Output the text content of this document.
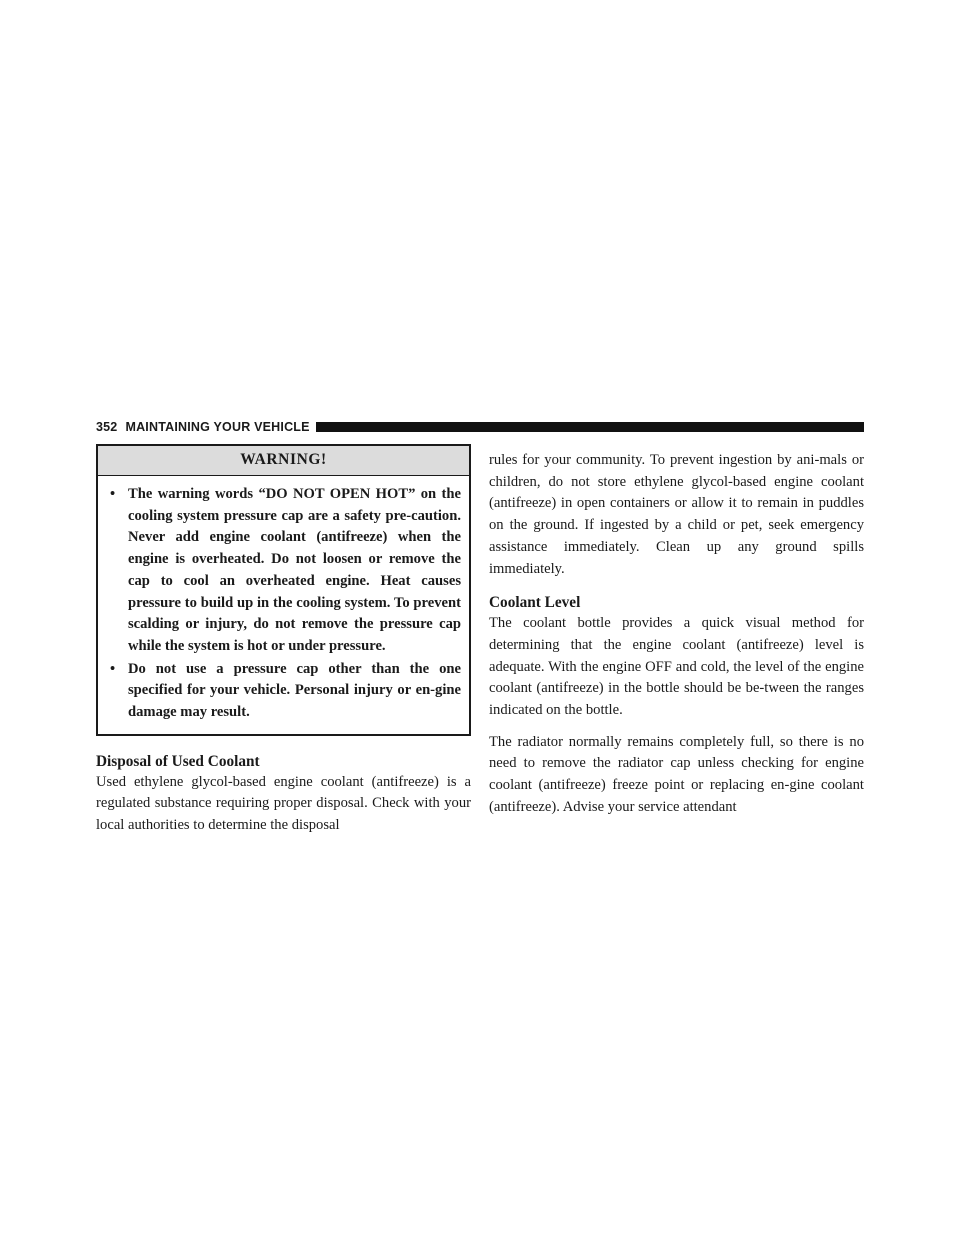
352 MAINTAINING YOUR VEHICLE
WARNING!
• The warning words “DO NOT OPEN HOT” on the cooling system pressure cap are a safety pre-caution. Never add engine coolant (antifreeze) when the engine is overheated. Do not loosen or remove the cap to cool an overheated engine. Heat causes pressure to build up in the cooling system. To prevent scalding or injury, do not remove the pressure cap while the system is hot or under pressure.
• Do not use a pressure cap other than the one specified for your vehicle. Personal injury or en-gine damage may result.
Disposal of Used Coolant

Used ethylene glycol-based engine coolant (antifreeze) is a regulated substance requiring proper disposal. Check with your local authorities to determine the disposal

rules for your community. To prevent ingestion by ani-mals or children, do not store ethylene glycol-based engine coolant (antifreeze) in open containers or allow it to remain in puddles on the ground. If ingested by a child or pet, seek emergency assistance immediately. Clean up any ground spills immediately.

Coolant Level

The coolant bottle provides a quick visual method for determining that the engine coolant (antifreeze) level is adequate. With the engine OFF and cold, the level of the engine coolant (antifreeze) in the bottle should be be-tween the ranges indicated on the bottle.

The radiator normally remains completely full, so there is no need to remove the radiator cap unless checking for engine coolant (antifreeze) freeze point or replacing en-gine coolant (antifreeze). Advise your service attendant
